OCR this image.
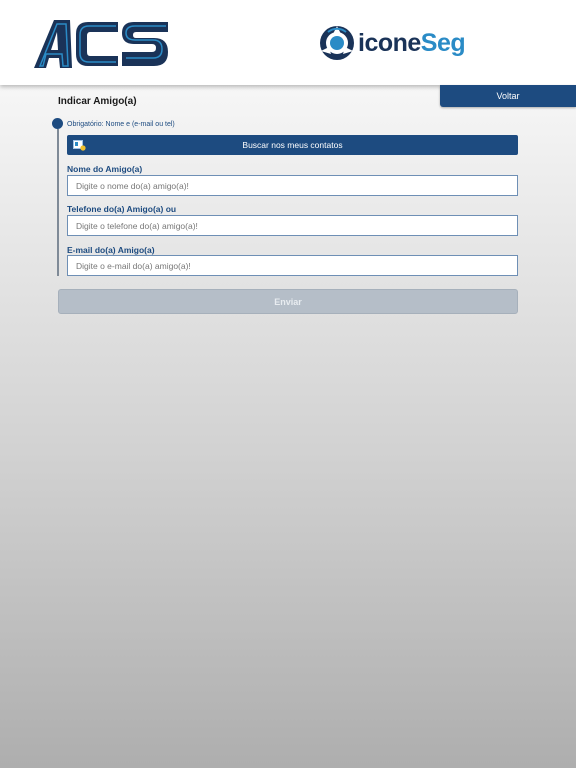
iconeSeg
Voltar
Indicar Amigo(a)
Obrigatório: Nome e (e-mail ou tel)
Buscar nos meus contatos
Nome do Amigo(a)
Digite o nome do(a) amigo(a)!
Telefone do(a) Amigo(a) ou
Digite o telefone do(a) amigo(a)!
E-mail do(a) Amigo(a)
Digite o e-mail do(a) amigo(a)!
Enviar
